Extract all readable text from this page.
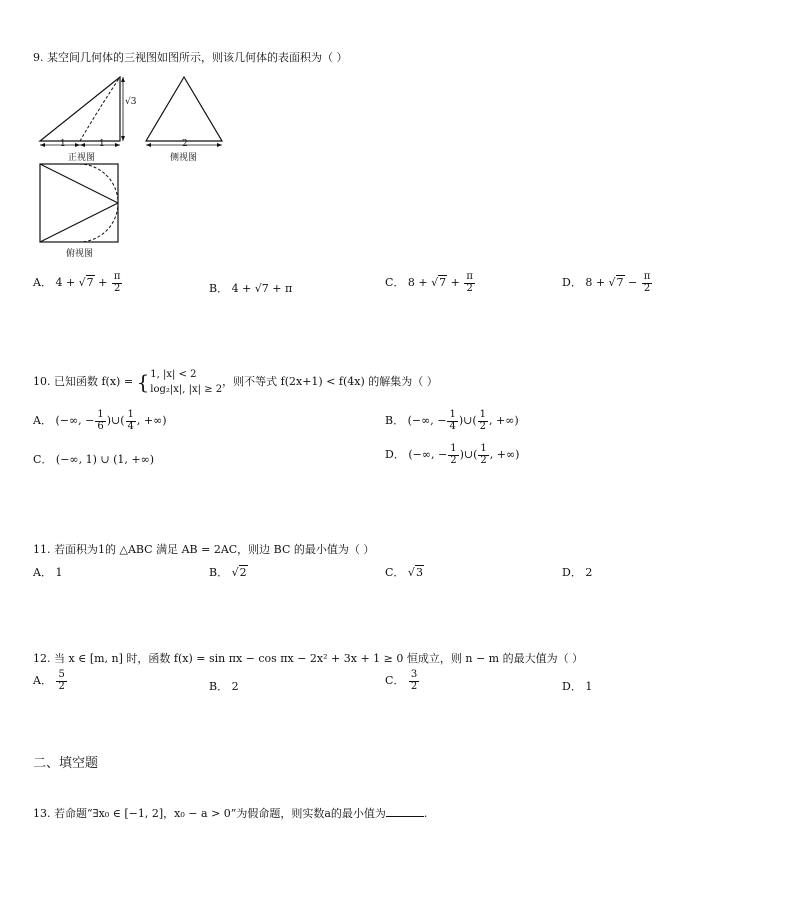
9. 某空间几何体的三视图如图所示，则该几何体的表面积为（ ）
1	1	2
√3
正视图	侧视图
俯视图
A． $4 + √7 + \frac{\pi}{2}$	B． 4 + √7 + π	C． $8 + √7 + \frac{\pi}{2}$	D． $8 + √7 - \frac{\pi}{2}$
10. 已知函数 f(x) = { 1, |x| < 2
log₂|x|, |x| ≥ 2
，则不等式 f(2x+1) < f(4x) 的解集为（ ）
A． (−∞, − $\frac{1}{6}$ )∪( $\frac{1}{4}$ , +∞)	B． (−∞, − $\frac{1}{4}$ )∪( $\frac{1}{2}$ , +∞)
C． (−∞, 1) ∪ (1, +∞)	D． (−∞, − $\frac{1}{2}$ )∪( $\frac{1}{2}$ , +∞)
11. 若面积为1的 △ABC 满足 AB = 2AC，则边 BC 的最小值为（ ）
A． 1	B． √2	C． √3	D． 2
12. 当 x ∈ [m, n] 时，函数 f(x) = sin πx − cos πx − 2x² + 3x + 1 ≥ 0 恒成立，则 n − m 的最大值为（ ）
A． $\frac{5}{2}$	B． 2	C． $\frac{3}{2}$	D． 1
二、填空题
13. 若命题“∃x₀ ∈ [−1, 2]，x₀ − a > 0”为假命题，则实数a的最小值为	.
